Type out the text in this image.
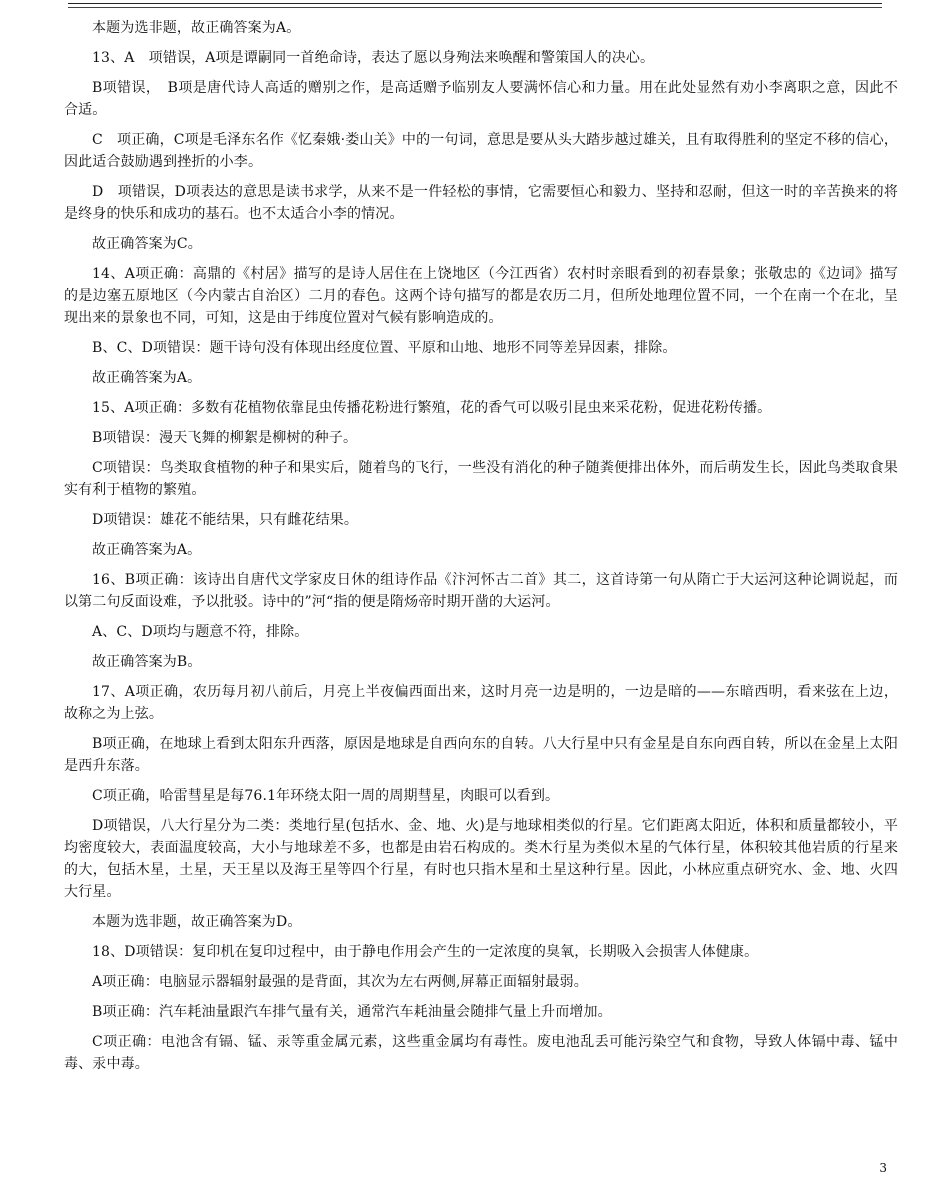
本题为选非题，故正确答案为A。

13、A　项错误，A项是谭嗣同一首绝命诗，表达了愿以身殉法来唤醒和警策国人的决心。

B项错误，　B项是唐代诗人高适的赠别之作，是高适赠予临别友人要满怀信心和力量。用在此处显然有劝小李离职之意，因此不合适。

C　项正确，C项是毛泽东名作《忆秦娥·娄山关》中的一句词，意思是要从头大踏步越过雄关，且有取得胜利的坚定不移的信心，因此适合鼓励遇到挫折的小李。

D　项错误，D项表达的意思是读书求学，从来不是一件轻松的事情，它需要恒心和毅力、坚持和忍耐，但这一时的辛苦换来的将是终身的快乐和成功的基石。也不太适合小李的情况。

故正确答案为C。

14、A项正确：高鼎的《村居》描写的是诗人居住在上饶地区（今江西省）农村时亲眼看到的初春景象；张敬忠的《边词》描写的是边塞五原地区（今内蒙古自治区）二月的春色。这两个诗句描写的都是农历二月，但所处地理位置不同，一个在南一个在北，呈现出来的景象也不同，可知，这是由于纬度位置对气候有影响造成的。

B、C、D项错误：题干诗句没有体现出经度位置、平原和山地、地形不同等差异因素，排除。

故正确答案为A。

15、A项正确：多数有花植物依靠昆虫传播花粉进行繁殖，花的香气可以吸引昆虫来采花粉，促进花粉传播。

B项错误：漫天飞舞的柳絮是柳树的种子。

C项错误：鸟类取食植物的种子和果实后，随着鸟的飞行，一些没有消化的种子随粪便排出体外，而后萌发生长，因此鸟类取食果实有利于植物的繁殖。

D项错误：雄花不能结果，只有雌花结果。

故正确答案为A。

16、B项正确：该诗出自唐代文学家皮日休的组诗作品《汴河怀古二首》其二，这首诗第一句从隋亡于大运河这种论调说起，而以第二句反面设难，予以批驳。诗中的”河“指的便是隋炀帝时期开凿的大运河。

A、C、D项均与题意不符，排除。

故正确答案为B。

17、A项正确，农历每月初八前后，月亮上半夜偏西面出来，这时月亮一边是明的，一边是暗的——东暗西明，看来弦在上边，故称之为上弦。

B项正确，在地球上看到太阳东升西落，原因是地球是自西向东的自转。八大行星中只有金星是自东向西自转，所以在金星上太阳是西升东落。

C项正确，哈雷彗星是每76.1年环绕太阳一周的周期彗星，肉眼可以看到。

D项错误，八大行星分为二类：类地行星(包括水、金、地、火)是与地球相类似的行星。它们距离太阳近，体积和质量都较小，平均密度较大，表面温度较高，大小与地球差不多，也都是由岩石构成的。类木行星为类似木星的气体行星，体积较其他岩质的行星来的大，包括木星，土星，天王星以及海王星等四个行星，有时也只指木星和土星这种行星。因此，小林应重点研究水、金、地、火四大行星。

本题为选非题，故正确答案为D。

18、D项错误：复印机在复印过程中，由于静电作用会产生的一定浓度的臭氧，长期吸入会损害人体健康。

A项正确：电脑显示器辐射最强的是背面，其次为左右两侧,屏幕正面辐射最弱。

B项正确：汽车耗油量跟汽车排气量有关，通常汽车耗油量会随排气量上升而增加。

C项正确：电池含有镉、锰、汞等重金属元素，这些重金属均有毒性。废电池乱丢可能污染空气和食物，导致人体镉中毒、锰中毒、汞中毒。

3
